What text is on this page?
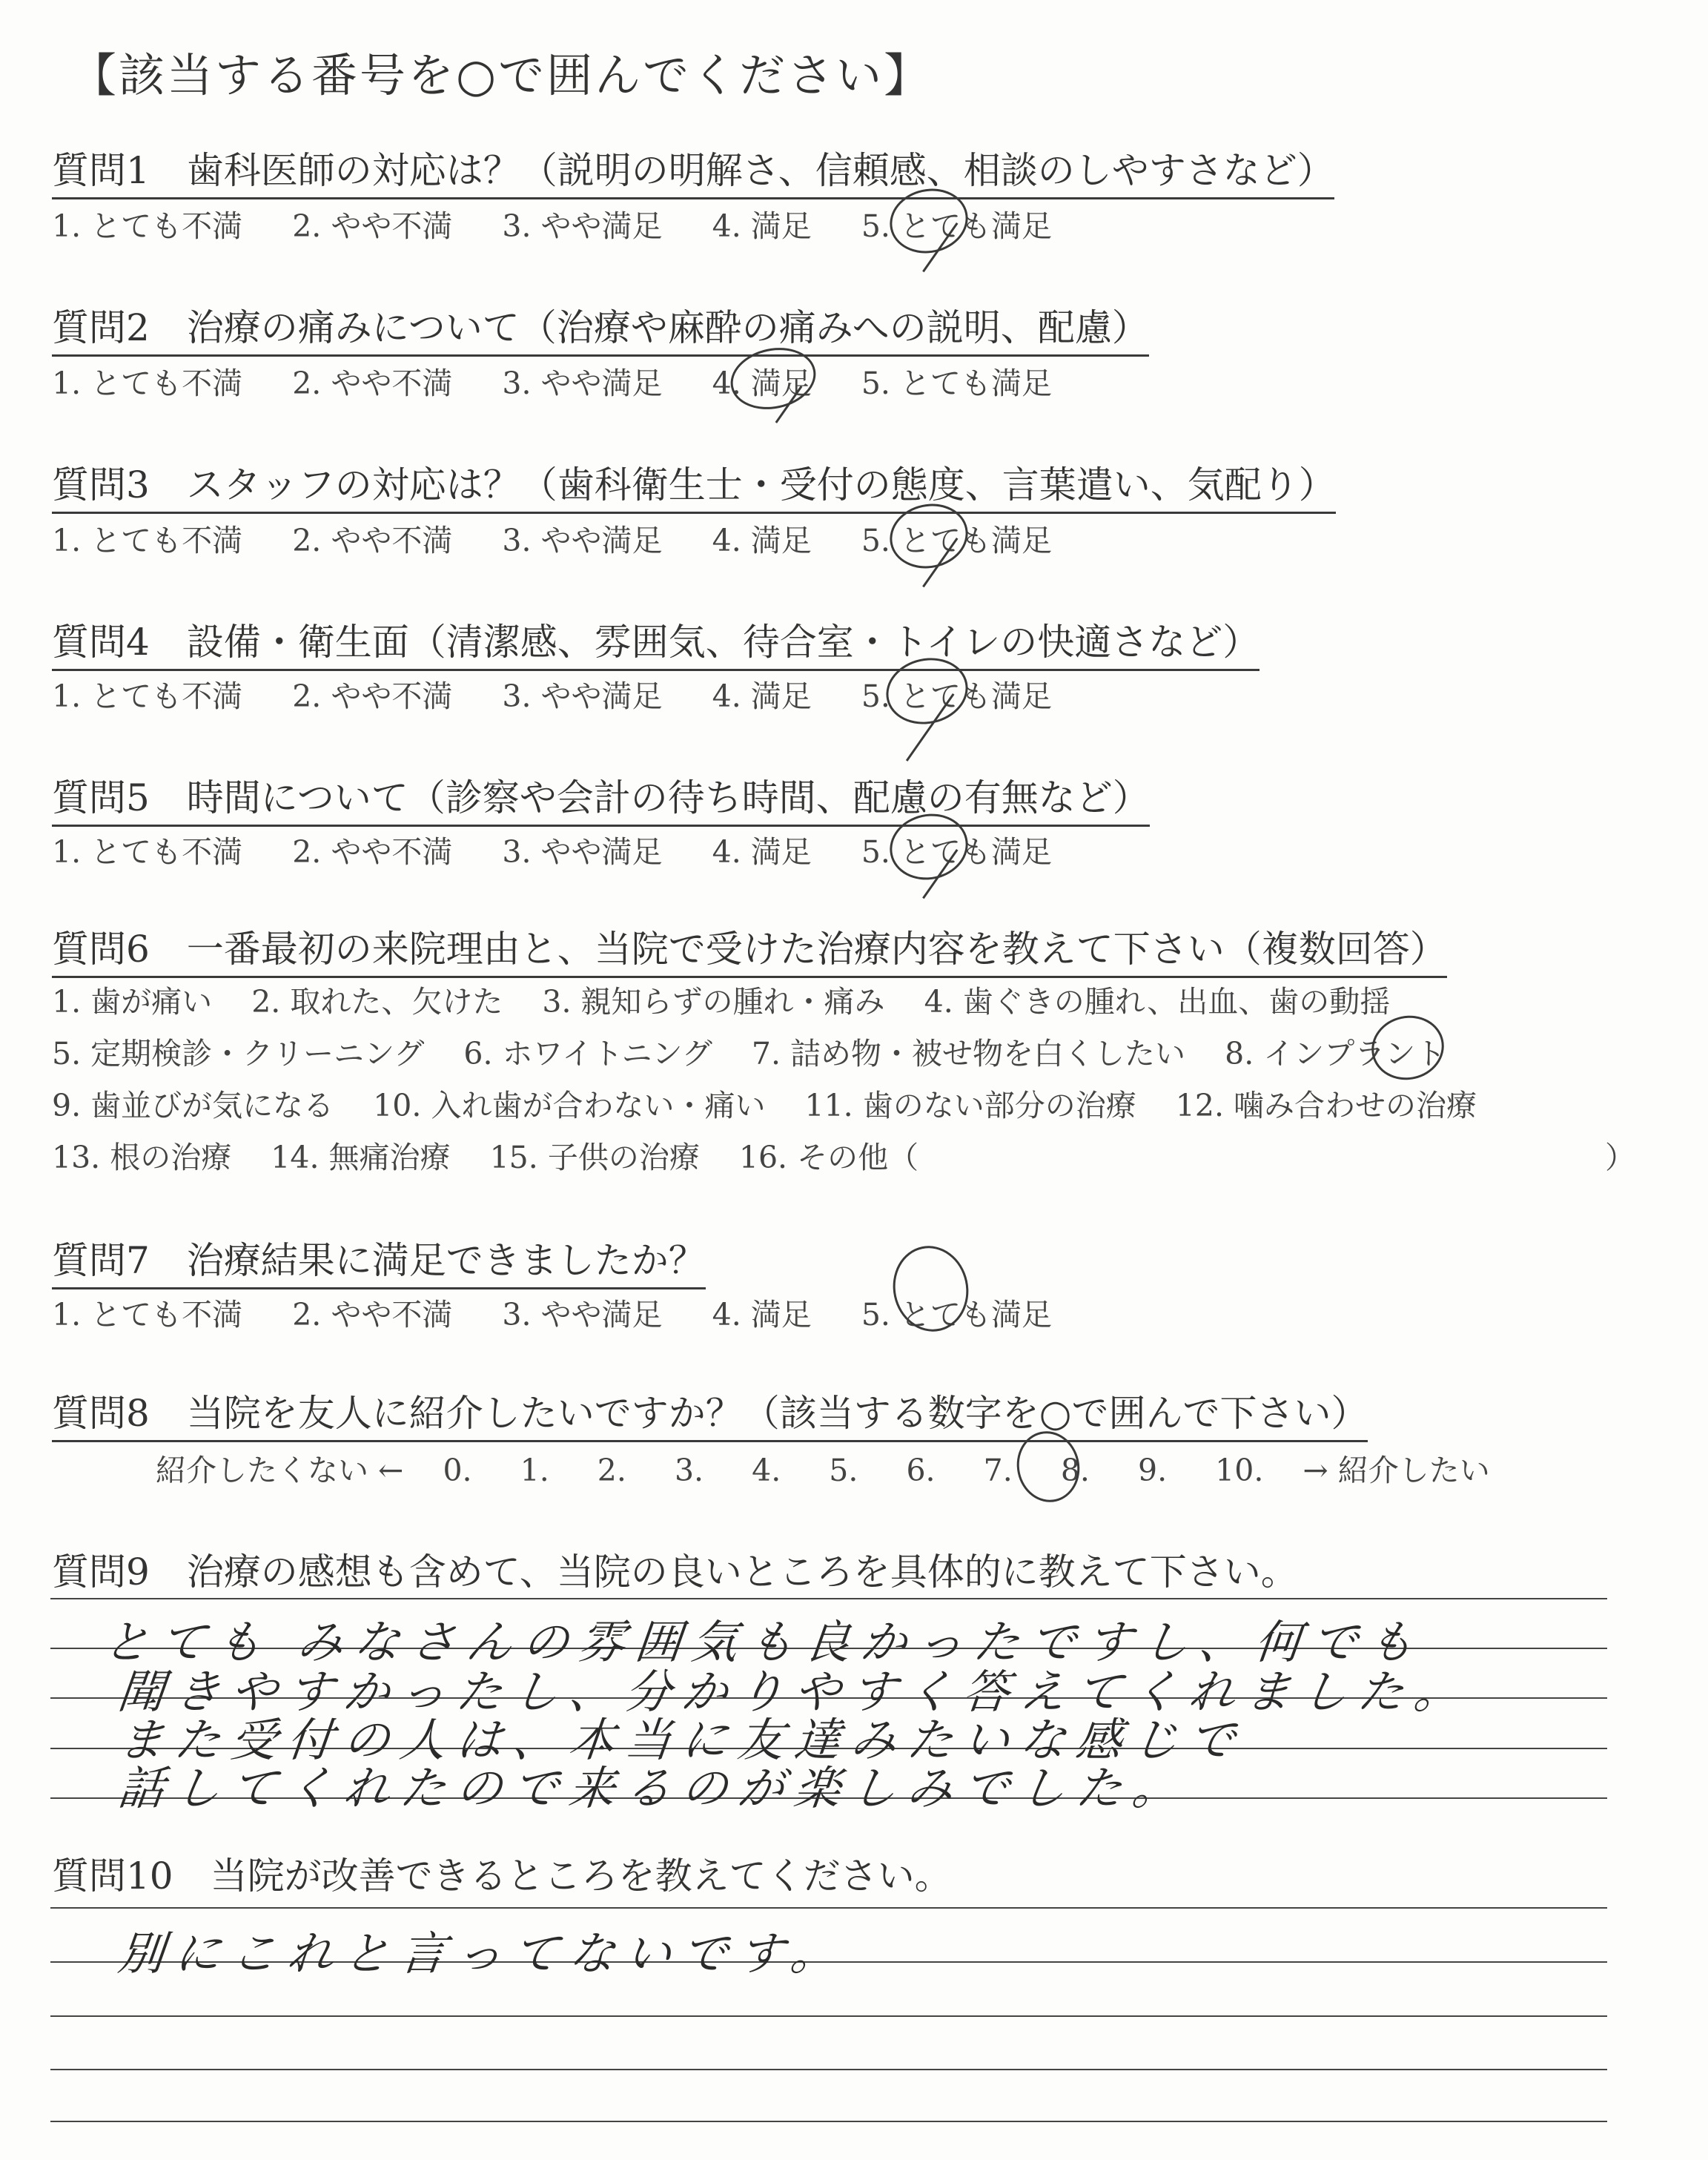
【該当する番号を○で囲んでください】
質問1　歯科医師の対応は？（説明の明解さ、信頼感、相談のしやすさなど）
1. とても不満 2. やや不満 3. やや満足 4. 満足 5. とても満足
質問2　治療の痛みについて（治療や麻酔の痛みへの説明、配慮）
1. とても不満 2. やや不満 3. やや満足 4. 満足 5. とても満足
質問3　スタッフの対応は？（歯科衛生士・受付の態度、言葉遣い、気配り）
1. とても不満 2. やや不満 3. やや満足 4. 満足 5. とても満足
質問4　設備・衛生面（清潔感、雰囲気、待合室・トイレの快適さなど）
1. とても不満 2. やや不満 3. やや満足 4. 満足 5. とても満足
質問5　時間について（診察や会計の待ち時間、配慮の有無など）
1. とても不満 2. やや不満 3. やや満足 4. 満足 5. とても満足
質問6　一番最初の来院理由と、当院で受けた治療内容を教えて下さい（複数回答）
1. 歯が痛い 2. 取れた、欠けた 3. 親知らずの腫れ・痛み 4. 歯ぐきの腫れ、出血、歯の動揺
5. 定期検診・クリーニング 6. ホワイトニング 7. 詰め物・被せ物を白くしたい 8. インプラント
9. 歯並びが気になる 10. 入れ歯が合わない・痛い 11. 歯のない部分の治療 12. 噛み合わせの治療
13. 根の治療 14. 無痛治療 15. 子供の治療 16. その他（	）
質問7　治療結果に満足できましたか？
1. とても不満 2. やや不満 3. やや満足 4. 満足 5. とても満足
質問8　当院を友人に紹介したいですか？（該当する数字を○で囲んで下さい）
紹介したくない ← 0. 1. 2. 3. 4. 5. 6. 7. 8. 9. 10. → 紹介したい
質問9　治療の感想も含めて、当院の良いところを具体的に教えて下さい。
とても みなさんの雰囲気も良かったですし、何でも
聞きやすかったし、分かりやすく答えてくれました。
また受付の人は、本当に友達みたいな感じで
話してくれたので来るのが楽しみでした。
質問10　当院が改善できるところを教えてください。
別にこれと言ってないです。
